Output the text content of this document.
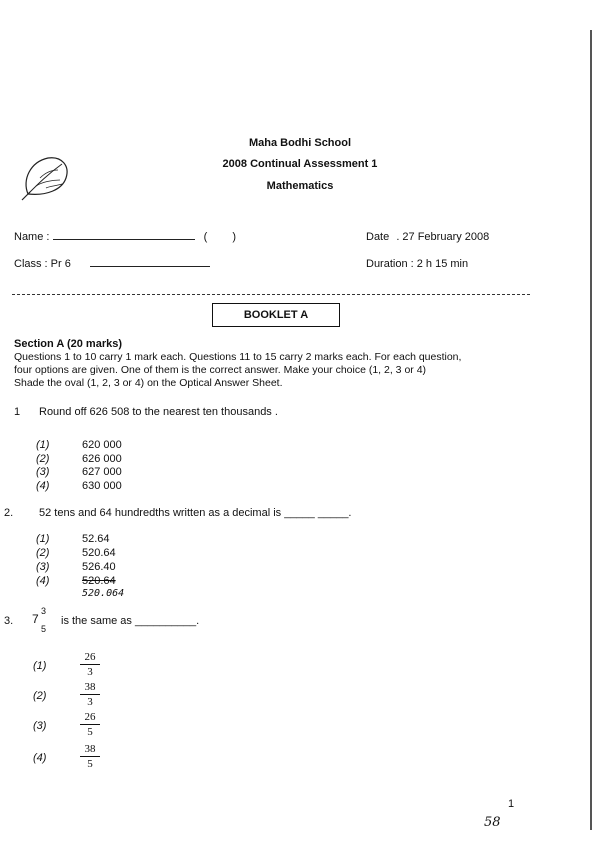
Maha Bodhi School
2008 Continual Assessment 1
Mathematics
Name :	( )	Date . 27 February 2008
Class : Pr 6	Duration : 2 h 15 min
BOOKLET A
Section A (20 marks)
Questions 1 to 10 carry 1 mark each. Questions 11 to 15 carry 2 marks each. For each question,
four options are given. One of them is the correct answer. Make your choice (1, 2, 3 or 4)
Shade the oval (1, 2, 3 or 4) on the Optical Answer Sheet.
1 Round off 626 508 to the nearest ten thousands .
(1)	620 000
(2)	626 000
(3)	627 000
(4)	630 000
2. 52 tens and 64 hundredths written as a decimal is _____ _____.
(1)	52.64
(2)	520.64
(3)	526.40
(4)	520.64
520.064
3. 7
3
5
is the same as __________.
(1)
26
3
(2)
38
3
(3)
26
5
(4)
38
5
1
58
